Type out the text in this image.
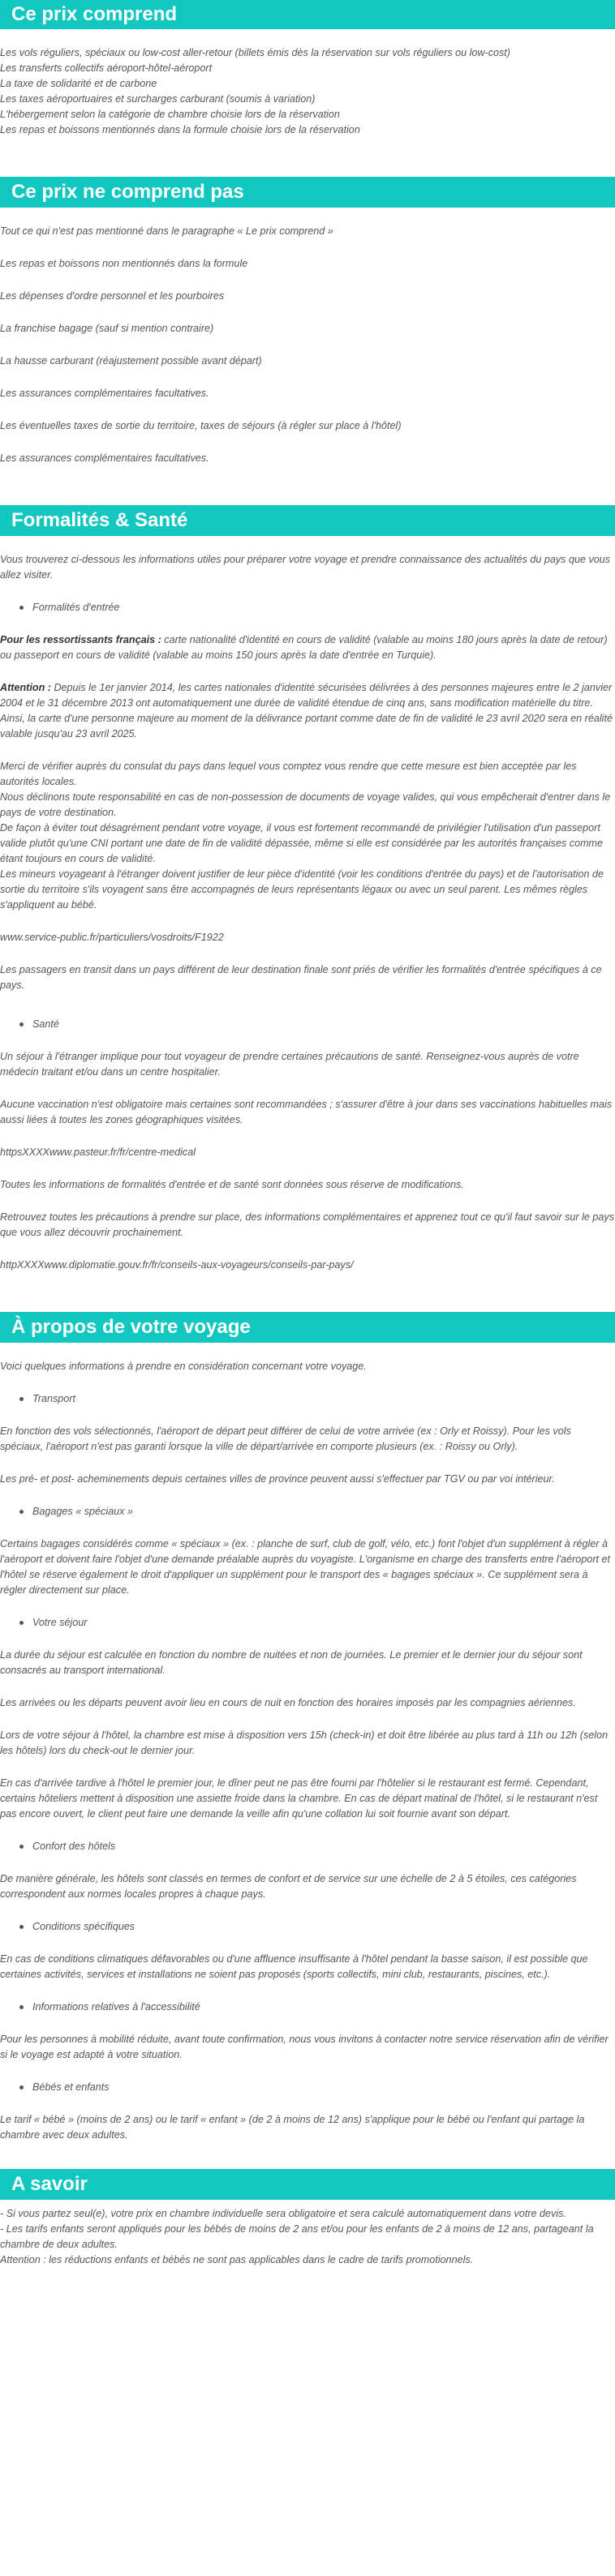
Ce prix comprend

Les vols réguliers, spéciaux ou low-cost aller-retour (billets émis dès la réservation sur vols réguliers ou low-cost)

Les transferts collectifs aéroport-hôtel-aéroport

La taxe de solidarité et de carbone

Les taxes aéroportuaires et surcharges carburant (soumis à variation)

L'hébergement selon la catégorie de chambre choisie lors de la réservation

Les repas et boissons mentionnés dans la formule choisie lors de la réservation

Ce prix ne comprend pas

Tout ce qui n'est pas mentionné dans le paragraphe « Le prix comprend »

Les repas et boissons non mentionnés dans la formule

Les dépenses d'ordre personnel et les pourboires

La franchise bagage (sauf si mention contraire)

La hausse carburant (réajustement possible avant départ)

Les assurances complémentaires facultatives.

Les éventuelles taxes de sortie du territoire, taxes de séjours (à régler sur place à l'hôtel)

Les assurances complémentaires facultatives.

Formalités & Santé

Vous trouverez ci-dessous les informations utiles pour préparer votre voyage et prendre connaissance des actualités du pays que vous allez visiter.

Formalités d'entrée

Pour les ressortissants français : carte nationalité d'identité en cours de validité (valable au moins 180 jours après la date de retour) ou passeport en cours de validité (valable au moins 150 jours après la date d'entrée en Turquie).

Attention : Depuis le 1er janvier 2014, les cartes nationales d'identité sécurisées délivrées à des personnes majeures entre le 2 janvier 2004 et le 31 décembre 2013 ont automatiquement une durée de validité étendue de cinq ans, sans modification matérielle du titre. Ainsi, la carte d'une personne majeure au moment de la délivrance portant comme date de fin de validité le 23 avril 2020 sera en réalité valable jusqu'au 23 avril 2025.

Merci de vérifier auprès du consulat du pays dans lequel vous comptez vous rendre que cette mesure est bien acceptée par les autorités locales.

Nous déclinons toute responsabilité en cas de non-possession de documents de voyage valides, qui vous empêcherait d'entrer dans le pays de votre destination.

De façon à éviter tout désagrément pendant votre voyage, il vous est fortement recommandé de privilégier l'utilisation d'un passeport valide plutôt qu'une CNI portant une date de fin de validité dépassée, même si elle est considérée par les autorités françaises comme étant toujours en cours de validité.

Les mineurs voyageant à l'étranger doivent justifier de leur pièce d'identité (voir les conditions d'entrée du pays) et de l'autorisation de sortie du territoire s'ils voyagent sans être accompagnés de leurs représentants légaux ou avec un seul parent. Les mêmes règles s'appliquent au bébé.

www.service-public.fr/particuliers/vosdroits/F1922

Les passagers en transit dans un pays différent de leur destination finale sont priés de vérifier les formalités d'entrée spécifiques à ce pays.

Santé

Un séjour à l'étranger implique pour tout voyageur de prendre certaines précautions de santé. Renseignez-vous auprès de votre médecin traitant et/ou dans un centre hospitalier.

Aucune vaccination n'est obligatoire mais certaines sont recommandées ; s'assurer d'être à jour dans ses vaccinations habituelles mais aussi liées à toutes les zones géographiques visitées.

httpsXXXXwww.pasteur.fr/fr/centre-medical

Toutes les informations de formalités d'entrée et de santé sont données sous réserve de modifications.

Retrouvez toutes les précautions à prendre sur place, des informations complémentaires et apprenez tout ce qu'il faut savoir sur le pays que vous allez découvrir prochainement.

httpXXXXwww.diplomatie.gouv.fr/fr/conseils-aux-voyageurs/conseils-par-pays/

À propos de votre voyage

Voici quelques informations à prendre en considération concernant votre voyage.

Transport

En fonction des vols sélectionnés, l'aéroport de départ peut différer de celui de votre arrivée (ex : Orly et Roissy). Pour les vols spéciaux, l'aéroport n'est pas garanti lorsque la ville de départ/arrivée en comporte plusieurs (ex. : Roissy ou Orly).

Les pré- et post- acheminements depuis certaines villes de province peuvent aussi s'effectuer par TGV ou par voi intérieur.

Bagages « spéciaux »

Certains bagages considérés comme « spéciaux » (ex. : planche de surf, club de golf, vélo, etc.) font l'objet d'un supplément à régler à l'aéroport et doivent faire l'objet d'une demande préalable auprès du voyagiste. L'organisme en charge des transferts entre l'aéroport et l'hôtel se réserve également le droit d'appliquer un supplément pour le transport des « bagages spéciaux ». Ce supplément sera à régler directement sur place.

Votre séjour

La durée du séjour est calculée en fonction du nombre de nuitées et non de journées. Le premier et le dernier jour du séjour sont consacrés au transport international.

Les arrivées ou les départs peuvent avoir lieu en cours de nuit en fonction des horaires imposés par les compagnies aériennes.

Lors de votre séjour à l'hôtel, la chambre est mise à disposition vers 15h (check-in) et doit être libérée au plus tard à 11h ou 12h (selon les hôtels) lors du check-out le dernier jour.

En cas d'arrivée tardive à l'hôtel le premier jour, le dîner peut ne pas être fourni par l'hôtelier si le restaurant est fermé. Cependant, certains hôteliers mettent à disposition une assiette froide dans la chambre. En cas de départ matinal de l'hôtel, si le restaurant n'est pas encore ouvert, le client peut faire une demande la veille afin qu'une collation lui soit fournie avant son départ.

Confort des hôtels

De manière générale, les hôtels sont classés en termes de confort et de service sur une échelle de 2 à 5 étoiles, ces catégories correspondent aux normes locales propres à chaque pays.

Conditions spécifiques

En cas de conditions climatiques défavorables ou d'une affluence insuffisante à l'hôtel pendant la basse saison, il est possible que certaines activités, services et installations ne soient pas proposés (sports collectifs, mini club, restaurants, piscines, etc.).

Informations relatives à l'accessibilité

Pour les personnes à mobilité réduite, avant toute confirmation, nous vous invitons à contacter notre service réservation afin de vérifier si le voyage est adapté à votre situation.

Bébés et enfants

Le tarif « bébé » (moins de 2 ans) ou le tarif « enfant » (de 2 à moins de 12 ans) s'applique pour le bébé ou l'enfant qui partage la chambre avec deux adultes.

A savoir

- Si vous partez seul(e), votre prix en chambre individuelle sera obligatoire et sera calculé automatiquement dans votre devis.

- Les tarifs enfants seront appliqués pour les bébés de moins de 2 ans et/ou pour les enfants de 2 à moins de 12 ans, partageant la chambre de deux adultes.

Attention : les réductions enfants et bébés ne sont pas applicables dans le cadre de tarifs promotionnels.
